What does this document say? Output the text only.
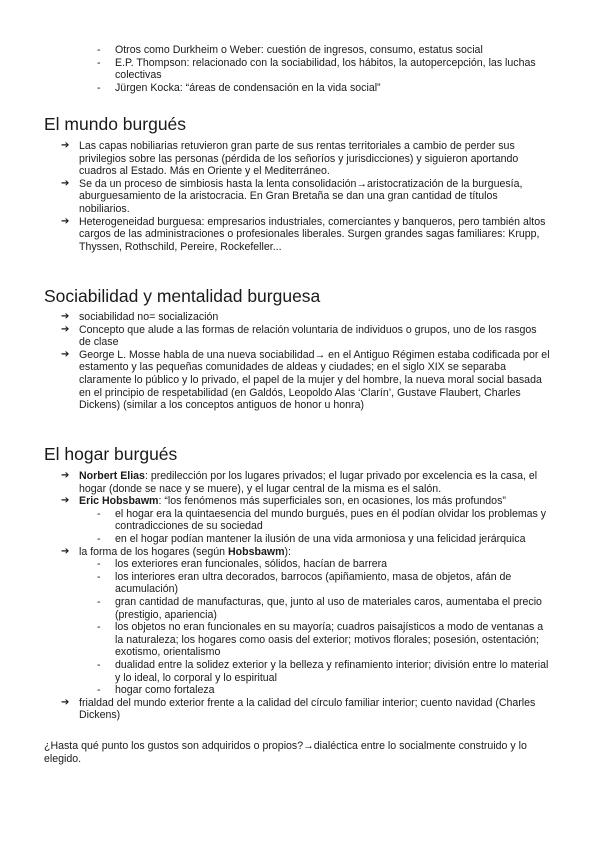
- Otros como Durkheim o Weber: cuestión de ingresos, consumo, estatus social
- E.P. Thompson: relacionado con la sociabilidad, los hábitos, la autopercepción, las luchas colectivas
- Jürgen Kocka: “áreas de condensación en la vida social”
El mundo burgués
➔ Las capas nobiliarias retuvieron gran parte de sus rentas territoriales a cambio de perder sus privilegios sobre las personas (pérdida de los señoríos y jurisdicciones) y siguieron aportando cuadros al Estado. Más en Oriente y el Mediterráneo.
➔ Se da un proceso de simbiosis hasta la lenta consolidación→aristocratización de la burguesía, aburguesamiento de la aristocracia. En Gran Bretaña se dan una gran cantidad de títulos nobiliarios.
➔ Heterogeneidad burguesa: empresarios industriales, comerciantes y banqueros, pero también altos cargos de las administraciones o profesionales liberales. Surgen grandes sagas familiares: Krupp, Thyssen, Rothschild, Pereire, Rockefeller...
Sociabilidad y mentalidad burguesa
➔ sociabilidad no= socialización
➔ Concepto que alude a las formas de relación voluntaria de individuos o grupos, uno de los rasgos de clase
➔ George L. Mosse habla de una nueva sociabilidad→ en el Antiguo Régimen estaba codificada por el estamento y las pequeñas comunidades de aldeas y ciudades; en el siglo XIX se separaba claramente lo público y lo privado, el papel de la mujer y del hombre, la nueva moral social basada en el principio de respetabilidad (en Galdós, Leopoldo Alas ‘Clarín’, Gustave Flaubert, Charles Dickens) (similar a los conceptos antiguos de honor u honra)
El hogar burgués
➔ Norbert Elias: predilección por los lugares privados; el lugar privado por excelencia es la casa, el hogar (donde se nace y se muere), y el lugar central de la misma es el salón.
➔ Eric Hobsbawm: “los fenómenos más superficiales son, en ocasiones, los más profundos”
- el hogar era la quintaesencia del mundo burgués, pues en él podían olvidar los problemas y contradicciones de su sociedad
- en el hogar podían mantener la ilusión de una vida armoniosa y una felicidad jerárquica
➔ la forma de los hogares (según Hobsbawm):
- los exteriores eran funcionales, sólidos, hacían de barrera
- los interiores eran ultra decorados, barrocos (apiñamiento, masa de objetos, afán de acumulación)
- gran cantidad de manufacturas, que, junto al uso de materiales caros, aumentaba el precio (prestigio, apariencia)
- los objetos no eran funcionales en su mayoría; cuadros paisajísticos a modo de ventanas a la naturaleza; los hogares como oasis del exterior; motivos florales; posesión, ostentación; exotismo, orientalismo
- dualidad entre la solidez exterior y la belleza y refinamiento interior; división entre lo material y lo ideal, lo corporal y lo espiritual
- hogar como fortaleza
➔ frialdad del mundo exterior frente a la calidad del círculo familiar interior; cuento navidad (Charles Dickens)
¿Hasta qué punto los gustos son adquiridos o propios?→dialéctica entre lo socialmente construido y lo elegido.
